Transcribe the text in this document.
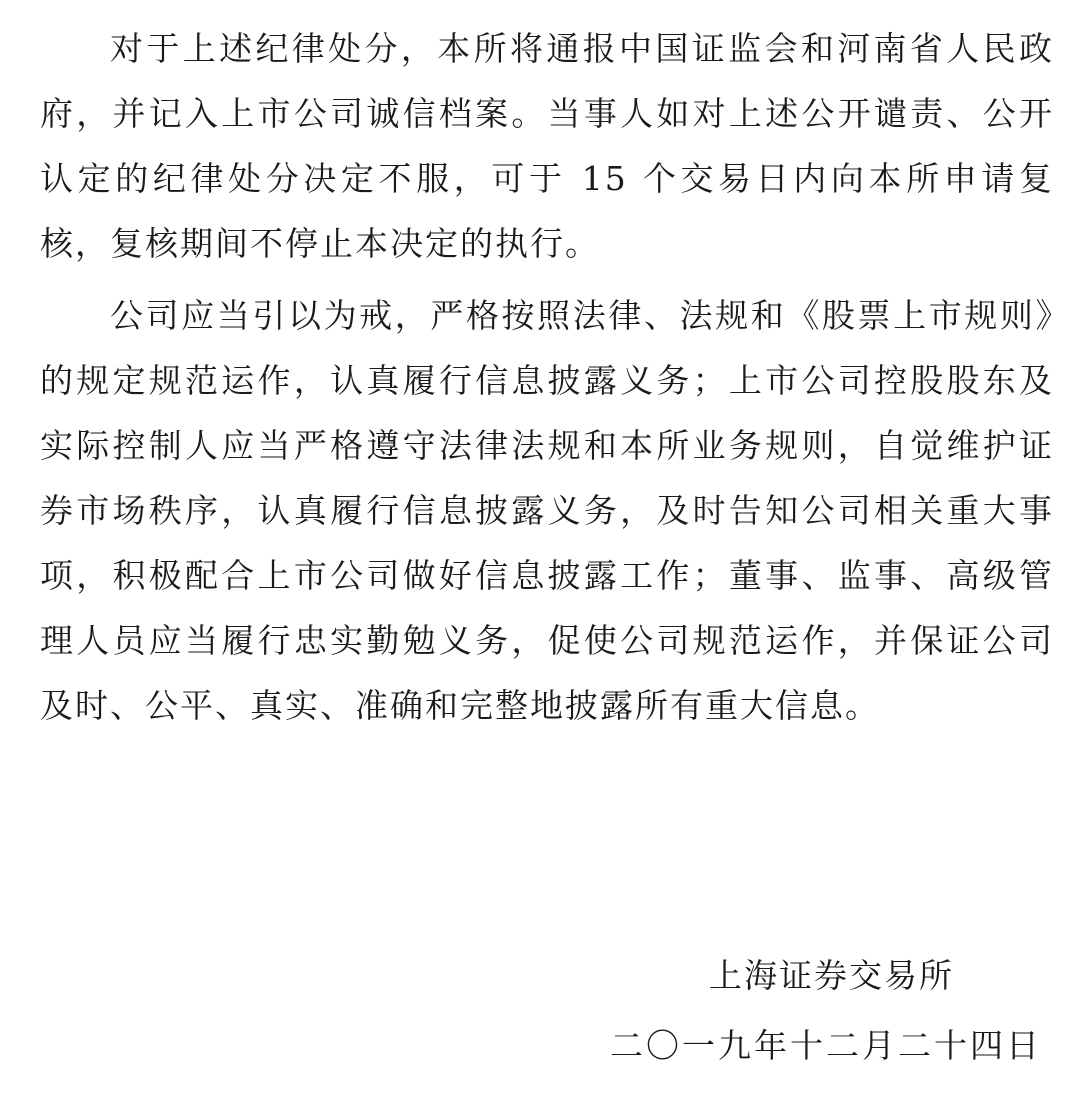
对于上述纪律处分，本所将通报中国证监会和河南省人民政府，并记入上市公司诚信档案。当事人如对上述公开谴责、公开认定的纪律处分决定不服，可于 15 个交易日内向本所申请复核，复核期间不停止本决定的执行。

公司应当引以为戒，严格按照法律、法规和《股票上市规则》的规定规范运作，认真履行信息披露义务；上市公司控股股东及实际控制人应当严格遵守法律法规和本所业务规则，自觉维护证券市场秩序，认真履行信息披露义务，及时告知公司相关重大事项，积极配合上市公司做好信息披露工作；董事、监事、高级管理人员应当履行忠实勤勉义务，促使公司规范运作，并保证公司及时、公平、真实、准确和完整地披露所有重大信息。

上海证券交易所
二〇一九年十二月二十四日
